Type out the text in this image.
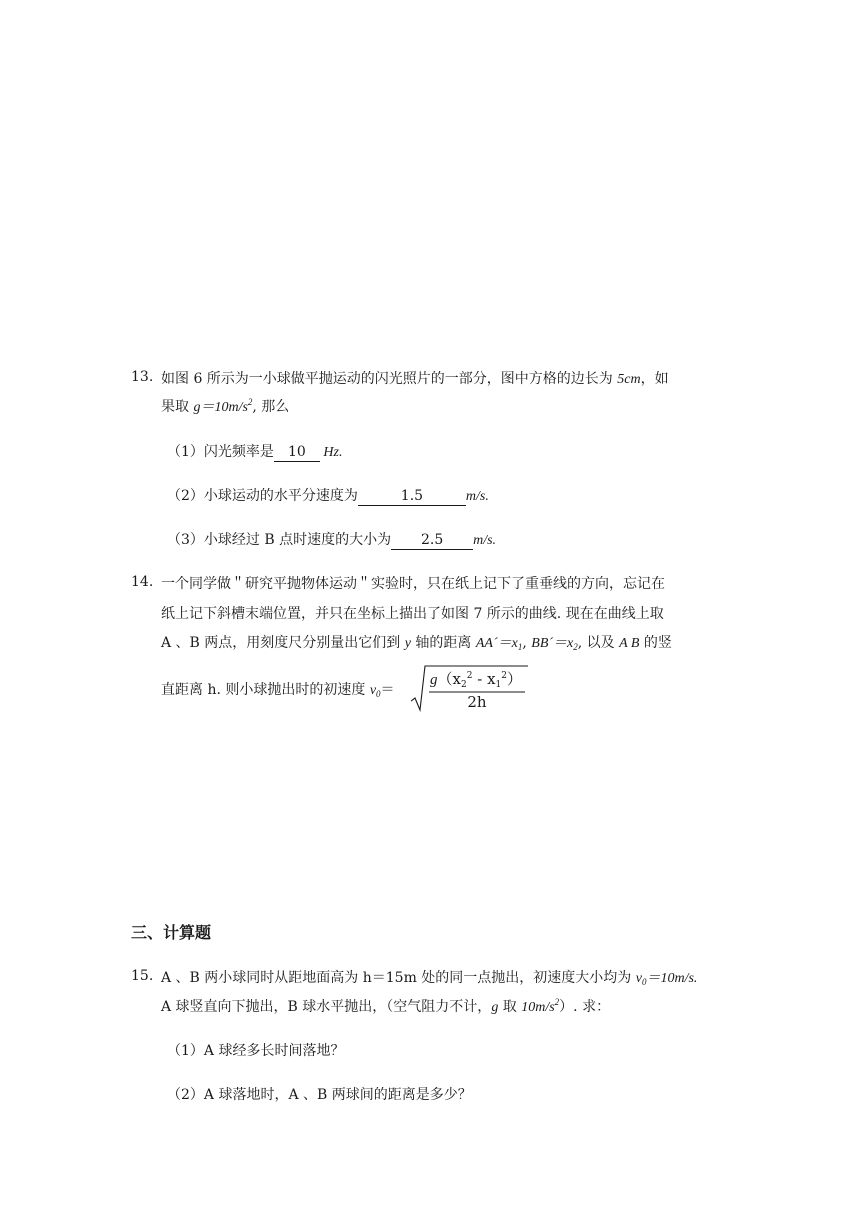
13. 如图 6 所示为一小球做平抛运动的闪光照片的一部分，图中方格的边长为 5cm，如
果取 $g=10m/s^2$, 那么
（1）闪光频率是 10 Hz.
（2）小球运动的水平分速度为	1.5	m/s.
（3）小球经过 B 点时速度的大小为 2.5 m/s.
14. 一个同学做＂研究平抛物体运动＂实验时，只在纸上记下了重垂线的方向，忘记在
纸上记下斜槽末端位置，并只在坐标上描出了如图 7 所示的曲线. 现在在曲线上取
A 、B 两点，用刻度尺分别量出它们到 y 轴的距离 $AA´=x_1$, $BB´=x_2$, 以及 A B 的竖
直距离 h. 则小球抛出时的初速度 $v_0=$
$g(x_2^2 - x_1^2)$
2h
三、计算题
15. A 、B 两小球同时从距地面高为 h＝15m 处的同一点抛出，初速度大小均为 $v_0=10m/s$.
A 球竖直向下抛出，B 球水平抛出，（空气阻力不计，g 取 $10m/s^2$）. 求：
（1）A 球经多长时间落地？
（2）A 球落地时，A 、B 两球间的距离是多少？
